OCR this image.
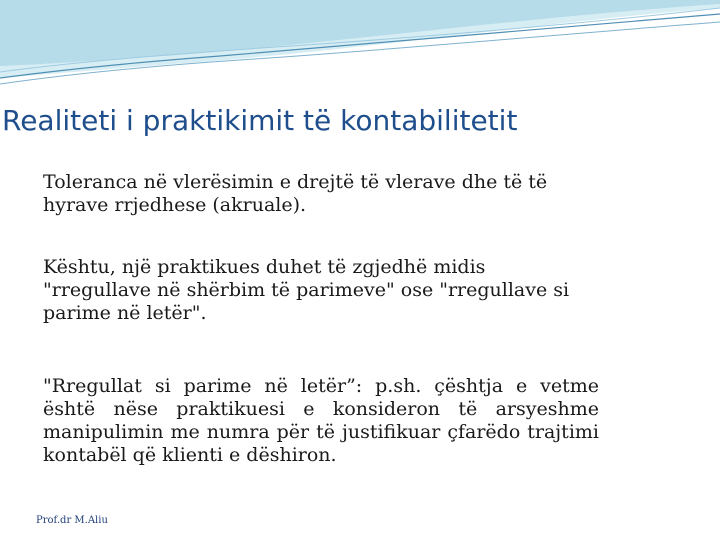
Realiteti i praktikimit të kontabilitetit
Toleranca në vlerësimin e drejtë të vlerave dhe të të hyrave rrjedhese (akruale).
Kështu, një praktikues duhet të zgjedhë midis "rregullave në shërbim të parimeve" ose "rregullave si parime në letër".
"Rregullat si parime në letër”: p.sh. çështja e vetme është nëse praktikuesi e konsideron të arsyeshme manipulimin me numra për të justifikuar çfarëdo trajtimi kontabël që klienti e dëshiron.
Prof.dr M.Aliu
